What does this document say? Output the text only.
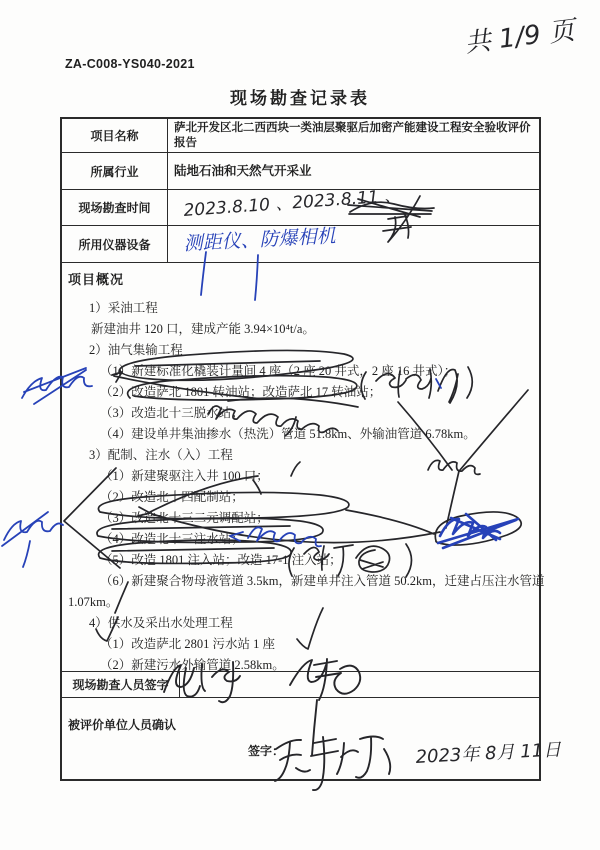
ZA-C008-YS040-2021
现场勘查记录表
项目名称
萨北开发区北二西西块一类油层聚驱后加密产能建设工程安全验收评价报告
所属行业	陆地石油和天然气开采业
现场勘查时间
所用仪器设备
项目概况
1）采油工程
新建油井 120 口，建成产能 3.94×10⁴t/a。
2）油气集输工程
（1）新建标准化橇装计量间 4 座（2 座 20 井式，2 座 16 井式）；
（2）改造萨北 1801 转油站；改造萨北 17 转油站；
（3）改造北十三脱水站；
（4）建设单井集油掺水（热洗）管道 51.8km、外输油管道 6.78km。
3）配制、注水（入）工程
（1）新建聚驱注入井 100 口；
（2）改造北十四配制站；
（3）改造北十三二元调配站；
（4）改造北十三注水站；
（5）改造 1801 注入站；改造 17-1 注入站；
（6）新建聚合物母液管道 3.5km，新建单井注入管道 50.2km，迁建占压注水管道
1.07km。
4）供水及采出水处理工程
（1）改造萨北 2801 污水站 1 座
（2）新建污水外输管道 2.58km。
现场勘查人员签字
被评价单位人员确认
签字：
共 1/9 页
2023.8.10 、2023.8.11 、
测距仪、防爆相机
2023年 8月 11日
